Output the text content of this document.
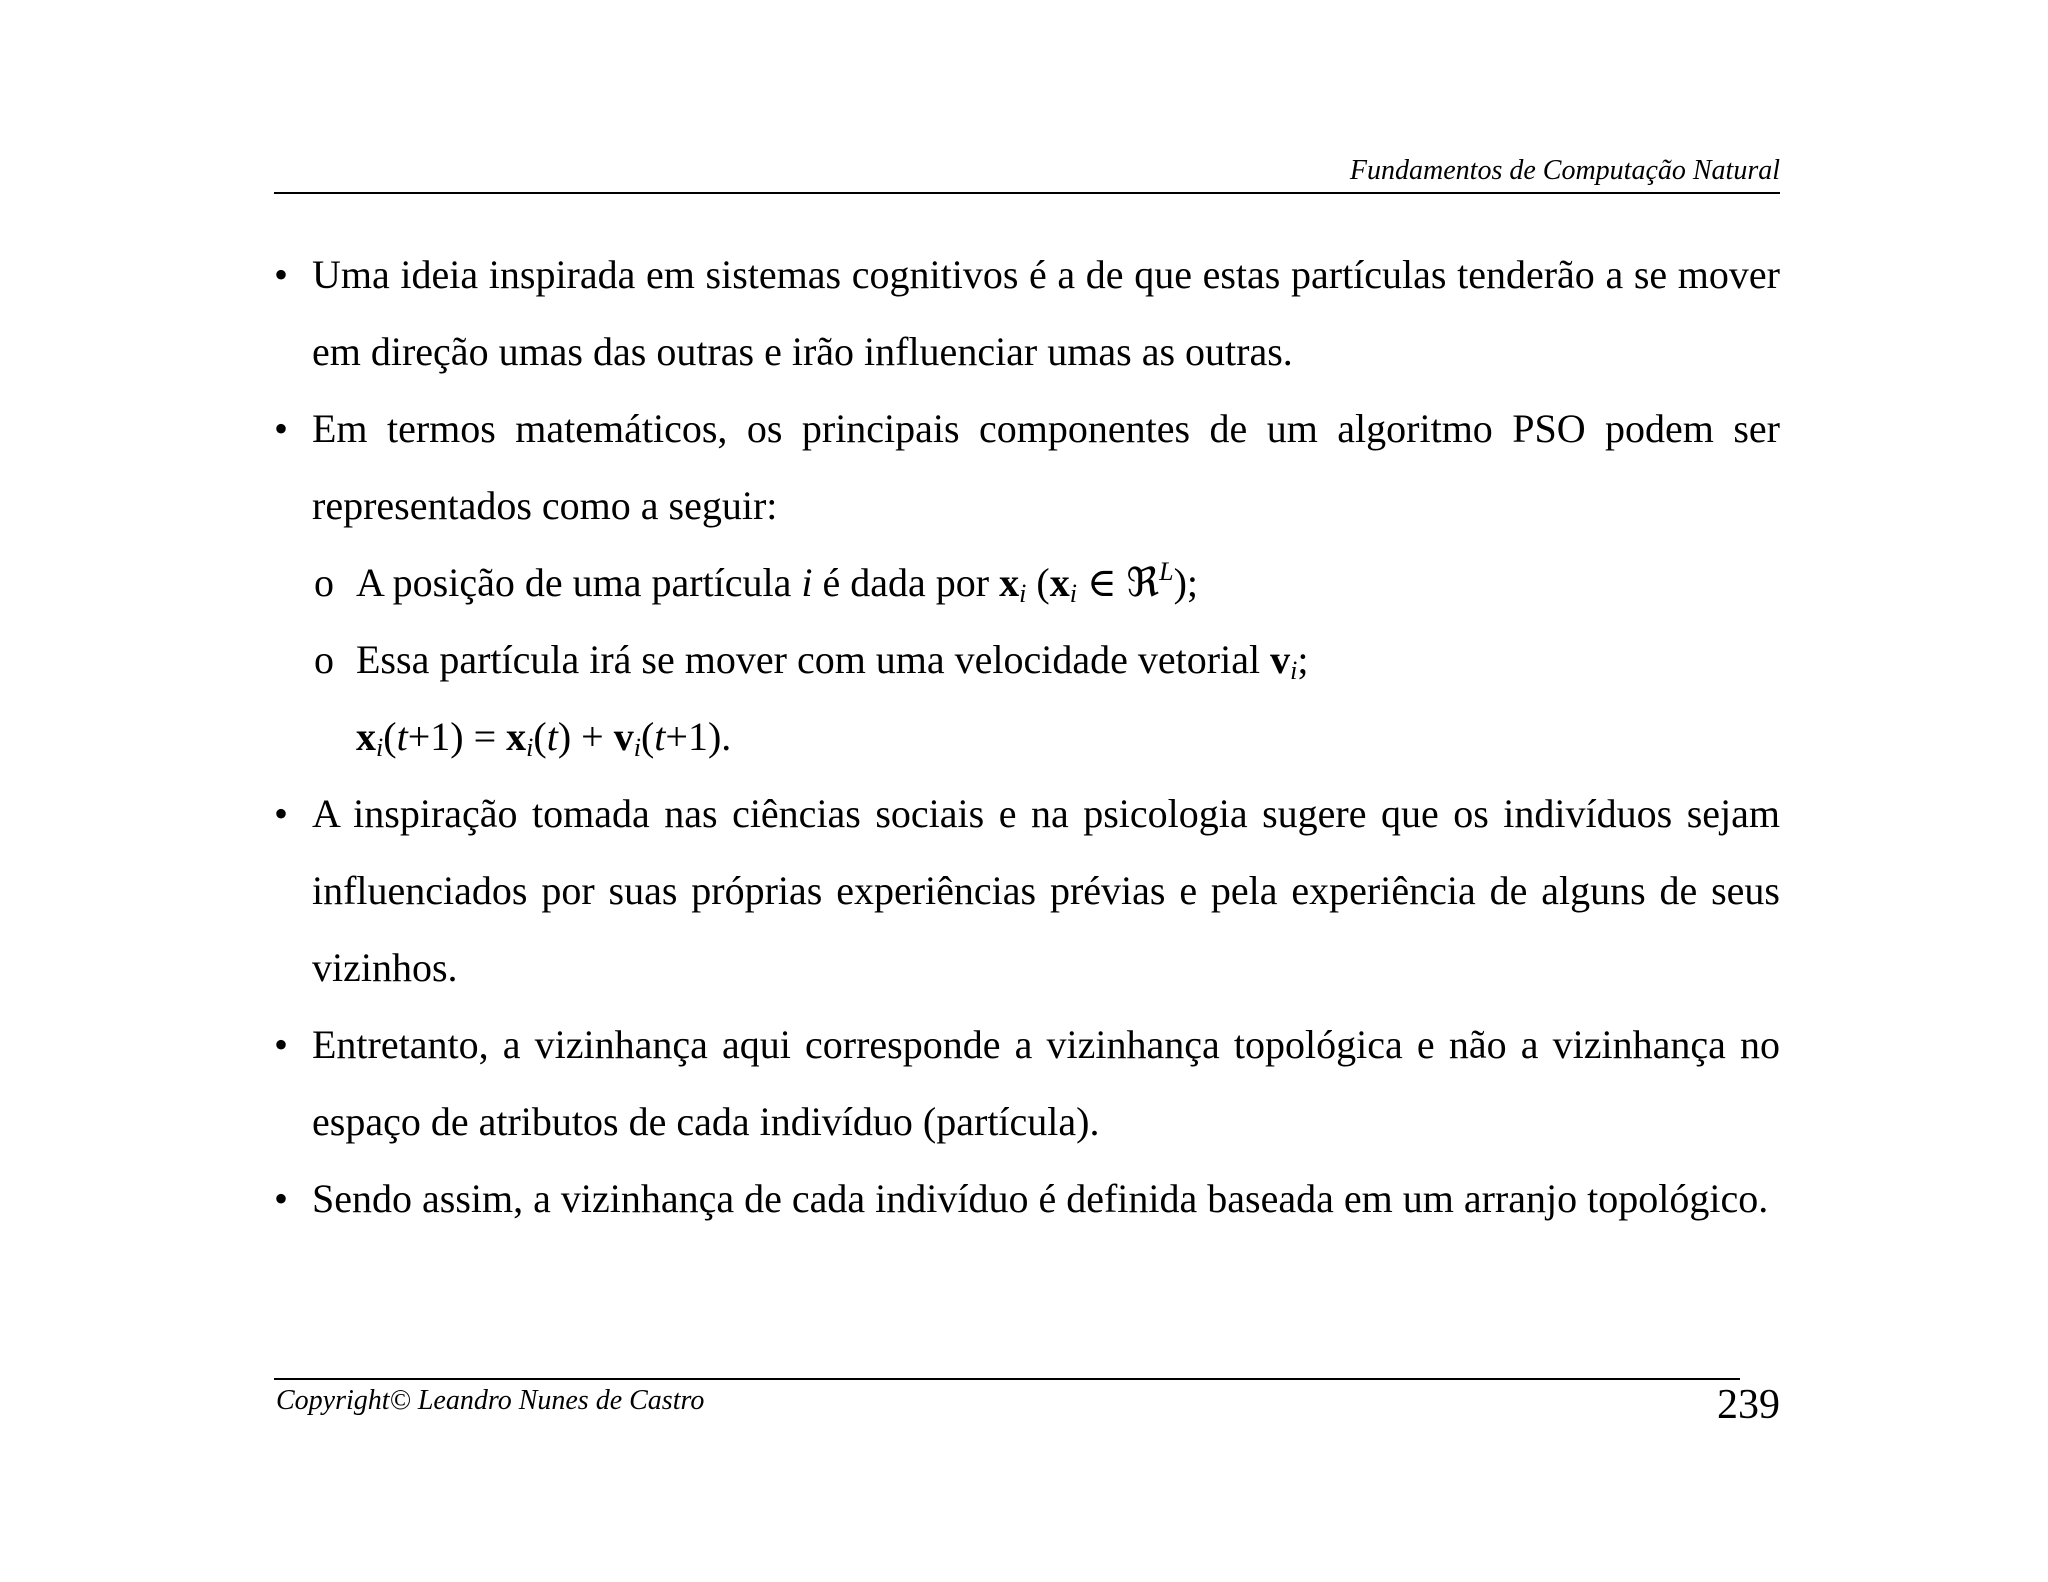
Fundamentos de Computação Natural
• Uma ideia inspirada em sistemas cognitivos é a de que estas partículas tenderão a se mover em direção umas das outras e irão influenciar umas as outras.
• Em termos matemáticos, os principais componentes de um algoritmo PSO podem ser representados como a seguir:
o A posição de uma partícula i é dada por $x_i$ ($x_i$ ∈ ℜ$^L$);
o Essa partícula irá se mover com uma velocidade vetorial $v_i$;
$x_i(t+1) = x_i(t) + v_i(t+1)$.
• A inspiração tomada nas ciências sociais e na psicologia sugere que os indivíduos sejam influenciados por suas próprias experiências prévias e pela experiência de alguns de seus vizinhos.
• Entretanto, a vizinhança aqui corresponde a vizinhança topológica e não a vizinhança no espaço de atributos de cada indivíduo (partícula).
• Sendo assim, a vizinhança de cada indivíduo é definida baseada em um arranjo topológico.
Copyright© Leandro Nunes de Castro	239
